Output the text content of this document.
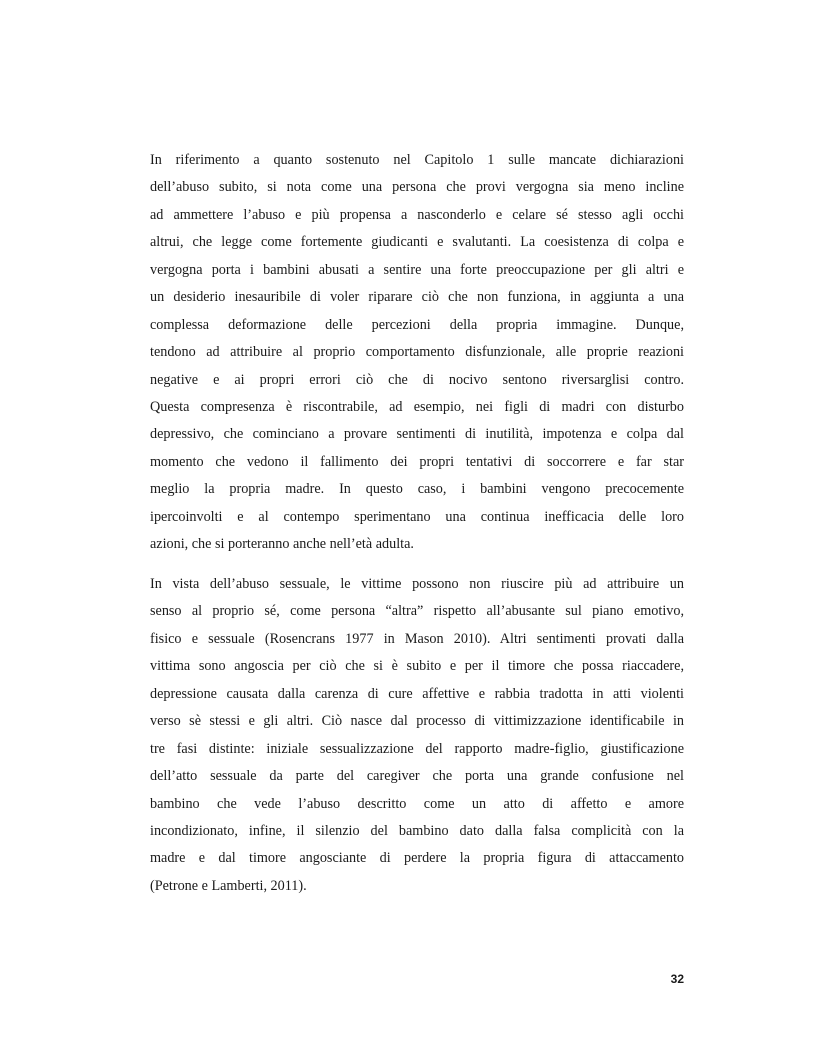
In riferimento a quanto sostenuto nel Capitolo 1 sulle mancate dichiarazioni
dell’abuso subito, si nota come una persona che provi vergogna sia meno incline
ad ammettere l’abuso e più propensa a nasconderlo e celare sé stesso agli occhi
altrui, che legge come fortemente giudicanti e svalutanti. La coesistenza di colpa e
vergogna porta i bambini abusati a sentire una forte preoccupazione per gli altri e
un desiderio inesauribile di voler riparare ciò che non funziona, in aggiunta a una
complessa deformazione delle percezioni della propria immagine. Dunque,
tendono ad attribuire al proprio comportamento disfunzionale, alle proprie reazioni
negative e ai propri errori ciò che di nocivo sentono riversarglisi contro.
Questa compresenza è riscontrabile, ad esempio, nei figli di madri con disturbo
depressivo, che cominciano a provare sentimenti di inutilità, impotenza e colpa dal
momento che vedono il fallimento dei propri tentativi di soccorrere e far star
meglio la propria madre. In questo caso, i bambini vengono precocemente
ipercoinvolti e al contempo sperimentano una continua inefficacia delle loro
azioni, che si porteranno anche nell’età adulta.
In vista dell’abuso sessuale, le vittime possono non riuscire più ad attribuire un
senso al proprio sé, come persona “altra” rispetto all’abusante sul piano emotivo,
fisico e sessuale (Rosencrans 1977 in Mason 2010). Altri sentimenti provati dalla
vittima sono angoscia per ciò che si è subito e per il timore che possa riaccadere,
depressione causata dalla carenza di cure affettive e rabbia tradotta in atti violenti
verso sè stessi e gli altri. Ciò nasce dal processo di vittimizzazione identificabile in
tre fasi distinte: iniziale sessualizzazione del rapporto madre-figlio, giustificazione
dell’atto sessuale da parte del caregiver che porta una grande confusione nel
bambino che vede l’abuso descritto come un atto di affetto e amore
incondizionato, infine, il silenzio del bambino dato dalla falsa complicità con la
madre e dal timore angosciante di perdere la propria figura di attaccamento
(Petrone e Lamberti, 2011).
32
